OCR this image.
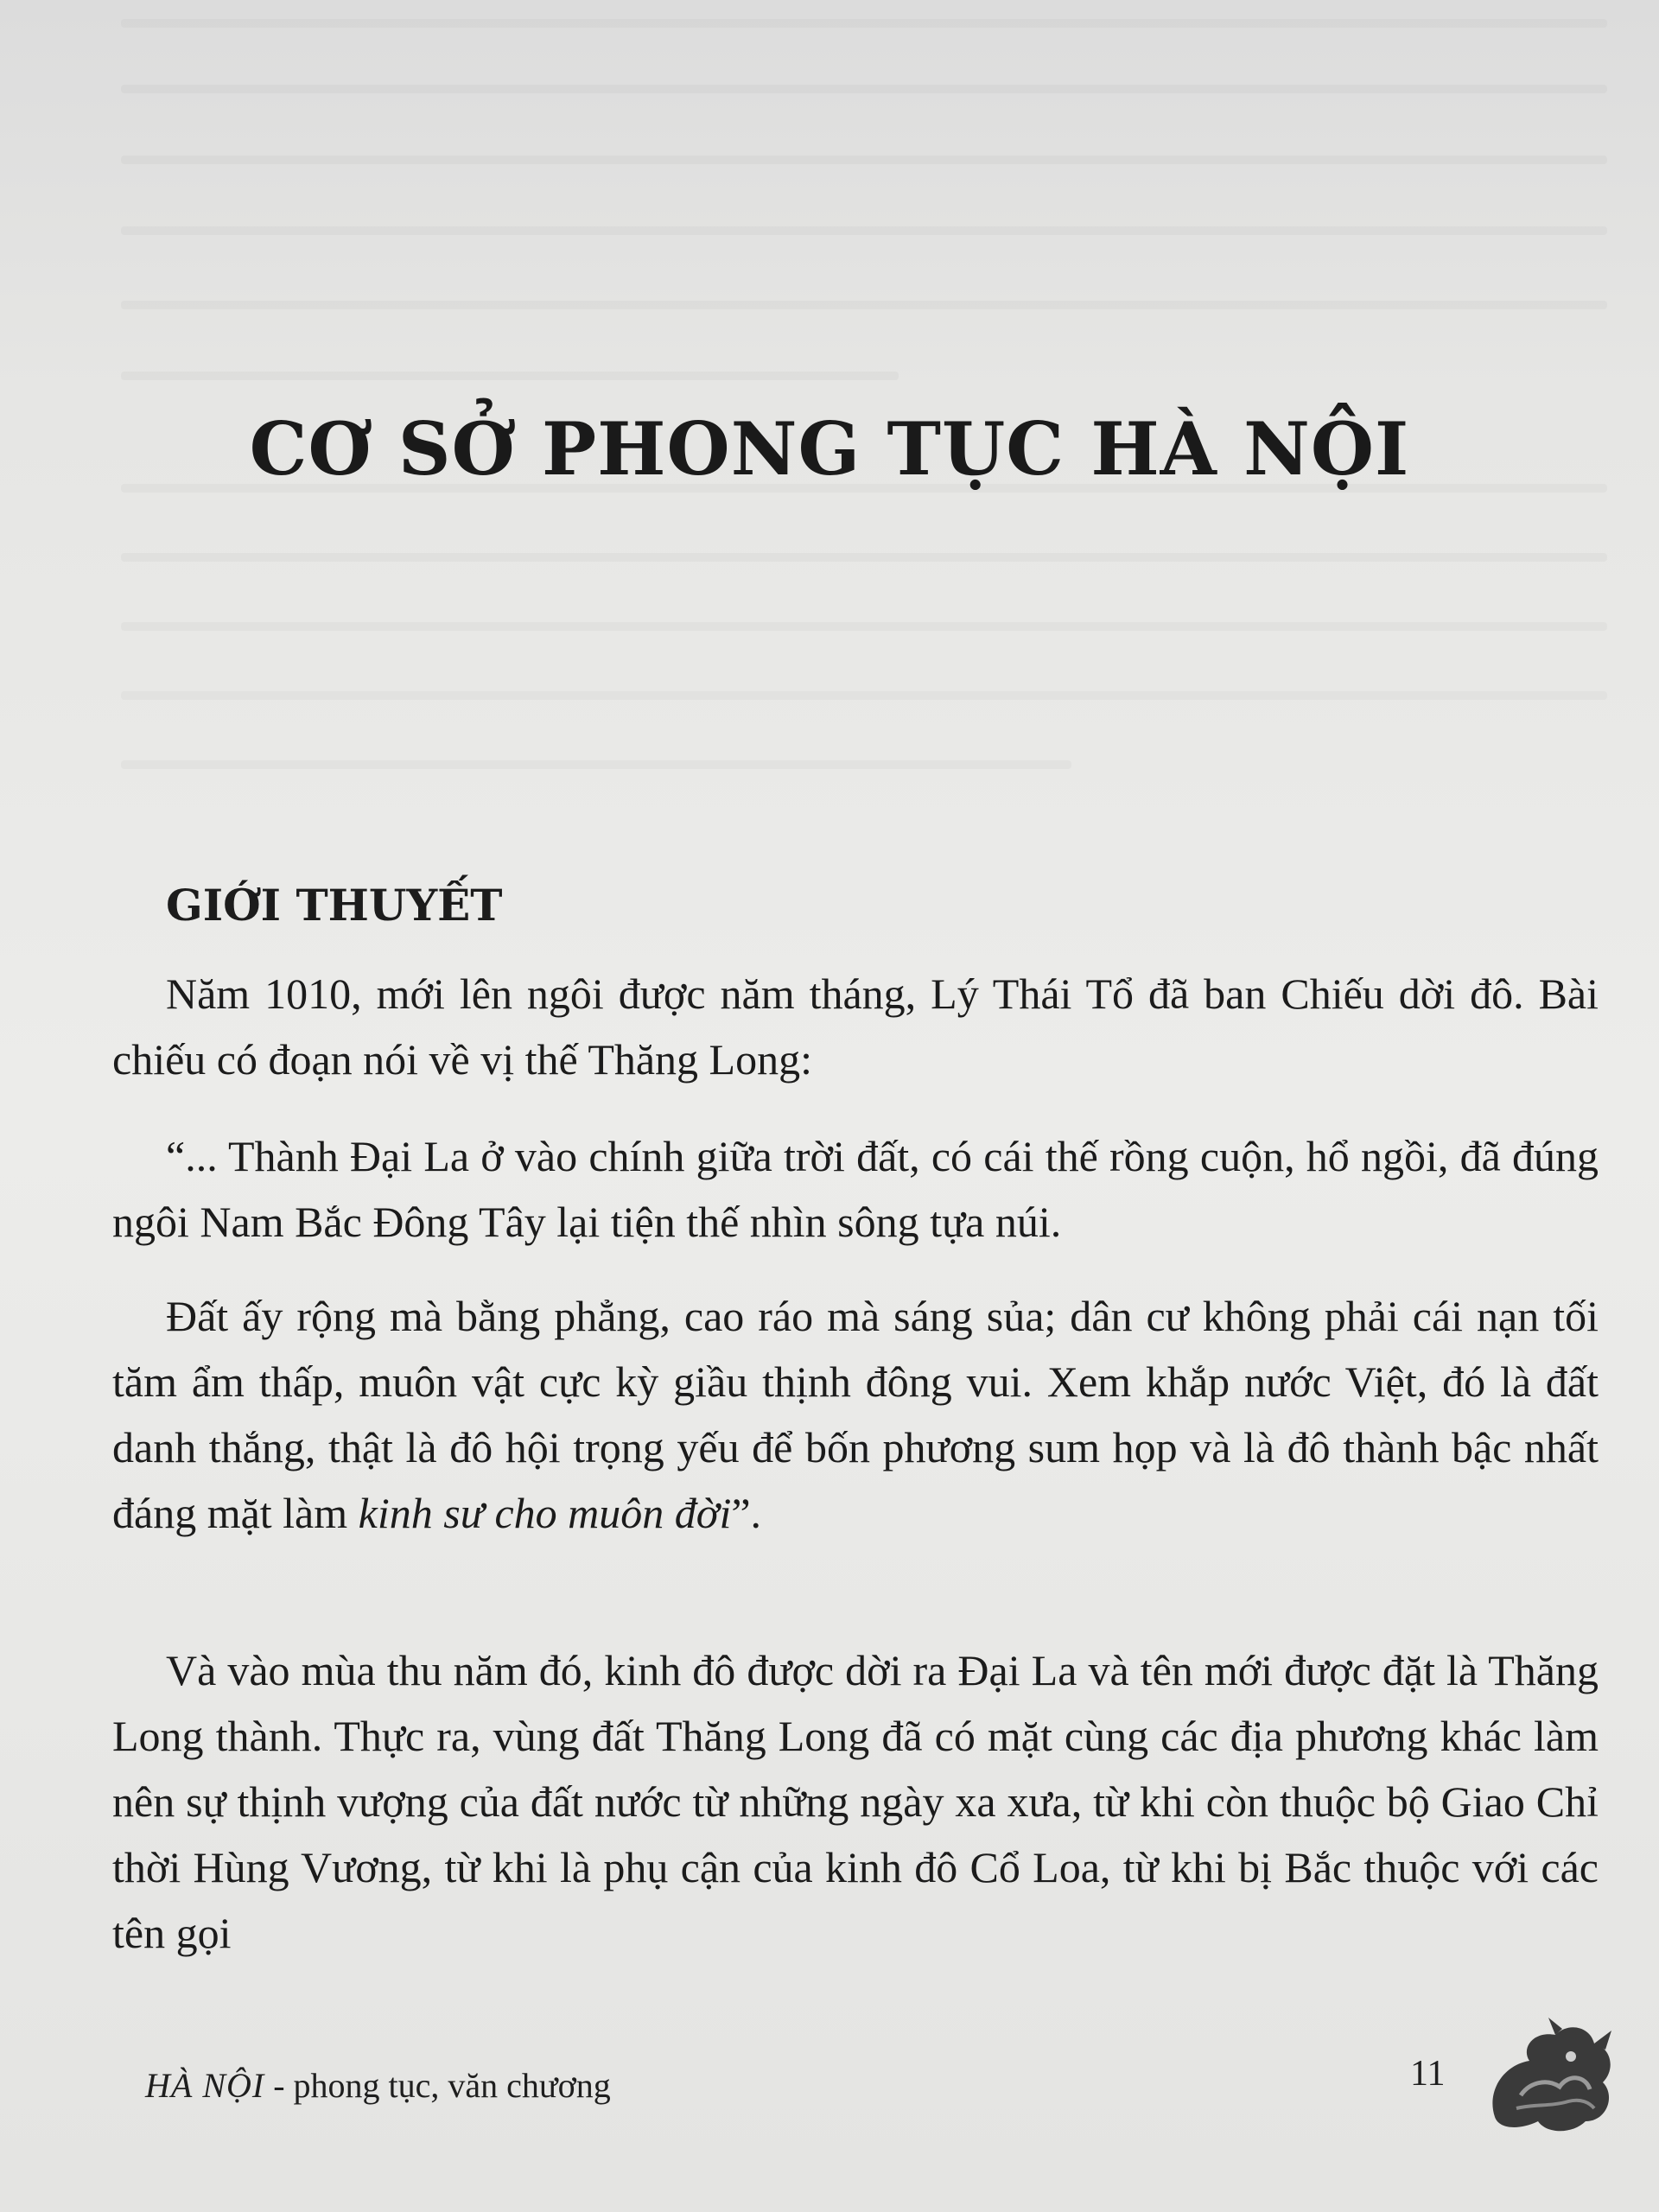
CƠ SỞ PHONG TỤC HÀ NỘI
GIỚI THUYẾT

Năm 1010, mới lên ngôi được năm tháng, Lý Thái Tổ đã ban Chiếu dời đô. Bài chiếu có đoạn nói về vị thế Thăng Long:

“... Thành Đại La ở vào chính giữa trời đất, có cái thế rồng cuộn, hổ ngồi, đã đúng ngôi Nam Bắc Đông Tây lại tiện thế nhìn sông tựa núi.

Đất ấy rộng mà bằng phẳng, cao ráo mà sáng sủa; dân cư không phải cái nạn tối tăm ẩm thấp, muôn vật cực kỳ giầu thịnh đông vui. Xem khắp nước Việt, đó là đất danh thắng, thật là đô hội trọng yếu để bốn phương sum họp và là đô thành bậc nhất đáng mặt làm kinh sư cho muôn đời”.

Và vào mùa thu năm đó, kinh đô được dời ra Đại La và tên mới được đặt là Thăng Long thành. Thực ra, vùng đất Thăng Long đã có mặt cùng các địa phương khác làm nên sự thịnh vượng của đất nước từ những ngày xa xưa, từ khi còn thuộc bộ Giao Chỉ thời Hùng Vương, từ khi là phụ cận của kinh đô Cổ Loa, từ khi bị Bắc thuộc với các tên gọi

HÀ NỘI - phong tục, văn chương	11
